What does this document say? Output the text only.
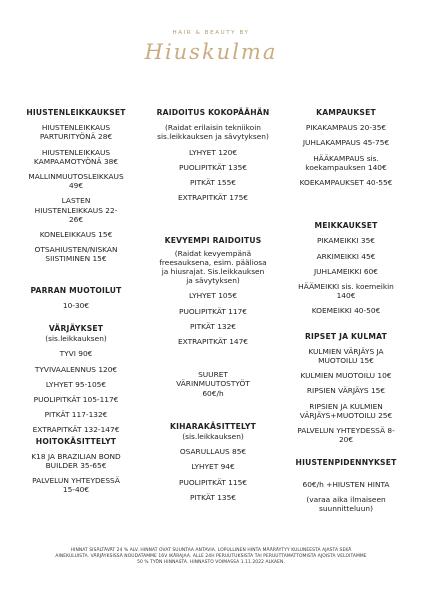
HAIR & BEAUTY BY
Hiuskulma
HIUSTENLEIKKAUKSET
HIUSTENLEIKKAUS PARTURITYÖNÄ 28€
HIUSTENLEIKKAUS KAMPAAMOTYÖNÄ 38€
MALLINMUUTOSLEIKKAUS 49€
LASTEN HIUSTENLEIKKAUS 22-26€
KONELEIKKAUS 15€
OTSAHIUSTEN/NISKAN SIISTIMINEN 15€
PARRAN MUOTOILUT
10-30€
VÄRJÄYKSET
(sis.leikkauksen)
TYVI 90€
TYVIVAALENNUS 120€
LYHYET 95-105€
PUOLIPITKÄT 105-117€
PITKÄT 117-132€
EXTRAPITKÄT 132-147€
HOITOKÄSITTELYT
K18 JA BRAZILIAN BOND BUILDER 35-65€
PALVELUN YHTEYDESSÄ 15-40€
RAIDOITUS KOKOPÄÄHÄN
(Raidat erilaisin tekniikoin sis.leikkauksen ja sävytyksen)
LYHYET 120€
PUOLIPITKÄT 135€
PITKÄT 155€
EXTRAPITKÄT 175€
KEVYEMPI RAIDOITUS
(Raidat kevyempänä freesauksena, esim. pääliosa ja hiusrajat. Sis.leikkauksen ja sävytyksen)
LYHYET 105€
PUOLIPITKÄT 117€
PITKÄT 132€
EXTRAPITKÄT 147€
SUURET VÄRINMUUTOSTYÖT 60€/h
KIHARAKÄSITTELYT
(sis.leikkauksen)
OSARULLAUS 85€
LYHYET 94€
PUOLIPITKÄT 115€
PITKÄT 135€
KAMPAUKSET
PIKAKAMPAUS 20-35€
JUHLAKAMPAUS 45-75€
HÄÄKAMPAUS sis. koekampauksen 140€
KOEKAMPAUKSET 40-55€
MEIKKAUKSET
PIKAMEIKKI 35€
ARKIMEIKKI 45€
JUHLAMEIKKI 60€
HÄÄMEIKKI sis. koemeikin 140€
KOEMEIKKI 40-50€
RIPSET JA KULMAT
KULMIEN VÄRJÄYS JA MUOTOILU 15€
KULMIEN MUOTOILU 10€
RIPSIEN VÄRJÄYS 15€
RIPSIEN JA KULMIEN VÄRJÄYS+MUOTOILU 25€
PALVELUN YHTEYDESSÄ 8-20€
HIUSTENPIDENNYKSET
60€/h +HIUSTEN HINTA
(varaa aika ilmaiseen suunnitteluun)
HINNAT SISÄLTÄVÄT 24 % ALV. HINNAT OVAT SUUNTAA ANTAVIA. LOPULLINEN HINTA MÄÄRÄYTYY KULUNEESTA AJASTA SEKÄ
AINEKULUISTA. VÄRJÄYKSISSÄ NOUDATAMME 16V IKÄRAJAA. ALLE 24H PERUUTUKSISTA TAI PERUUTTAMATTOMISTA AJOISTA VELOITAMME
50 % TYÖN HINNASTA. HINNASTO VOIMASSA 1.11.2022 ALKAEN.
